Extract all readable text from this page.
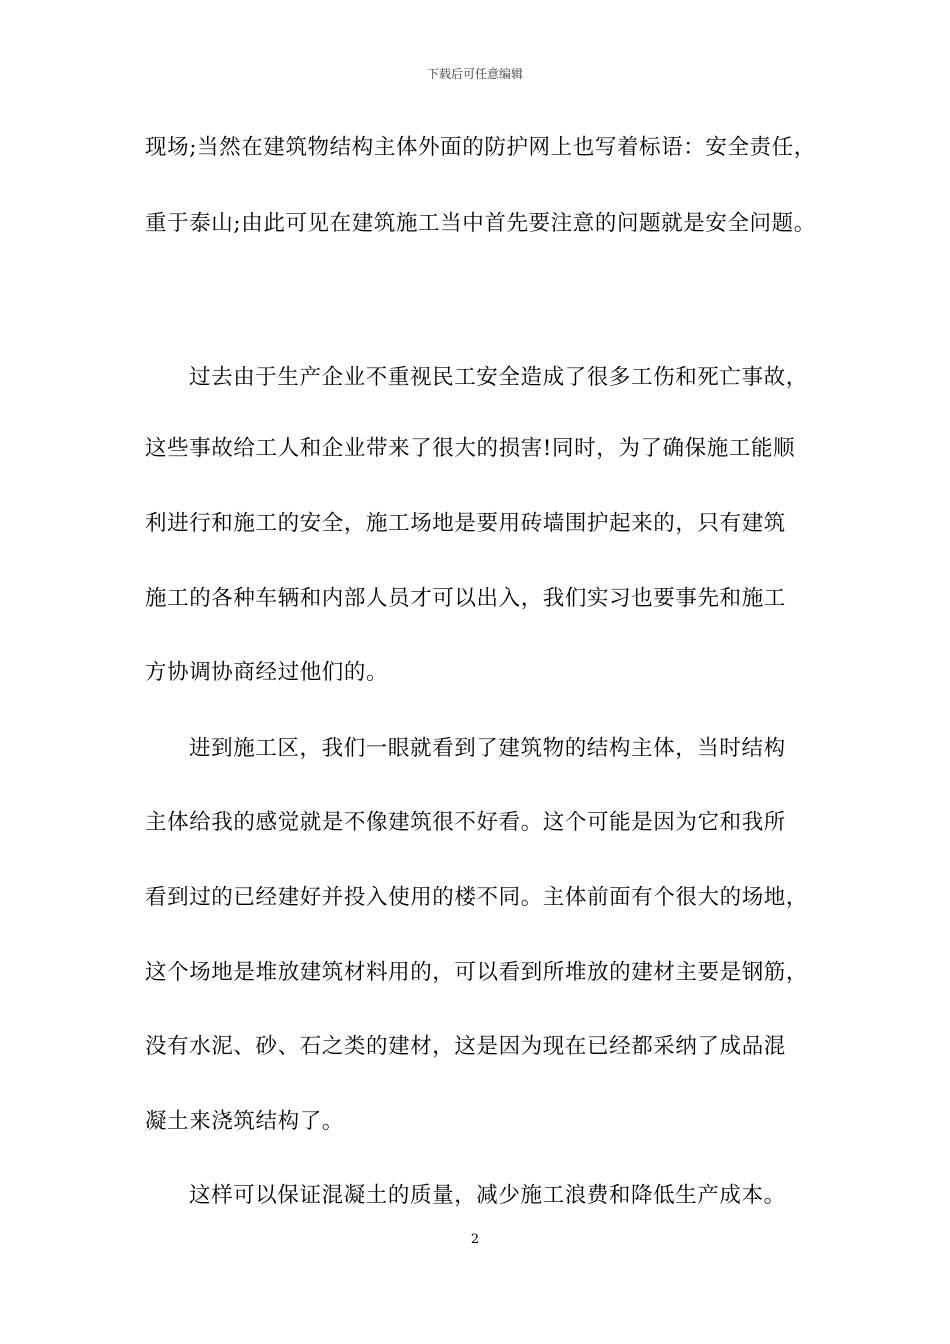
下载后可任意编辑
现场;当然在建筑物结构主体外面的防护网上也写着标语：安全责任，
重于泰山;由此可见在建筑施工当中首先要注意的问题就是安全问题。
过去由于生产企业不重视民工安全造成了很多工伤和死亡事故，
这些事故给工人和企业带来了很大的损害!同时，为了确保施工能顺
利进行和施工的安全，施工场地是要用砖墙围护起来的，只有建筑
施工的各种车辆和内部人员才可以出入，我们实习也要事先和施工
方协调协商经过他们的。
进到施工区，我们一眼就看到了建筑物的结构主体，当时结构
主体给我的感觉就是不像建筑很不好看。这个可能是因为它和我所
看到过的已经建好并投入使用的楼不同。主体前面有个很大的场地，
这个场地是堆放建筑材料用的，可以看到所堆放的建材主要是钢筋，
没有水泥、砂、石之类的建材，这是因为现在已经都采纳了成品混
凝土来浇筑结构了。
这样可以保证混凝土的质量，减少施工浪费和降低生产成本。
2
